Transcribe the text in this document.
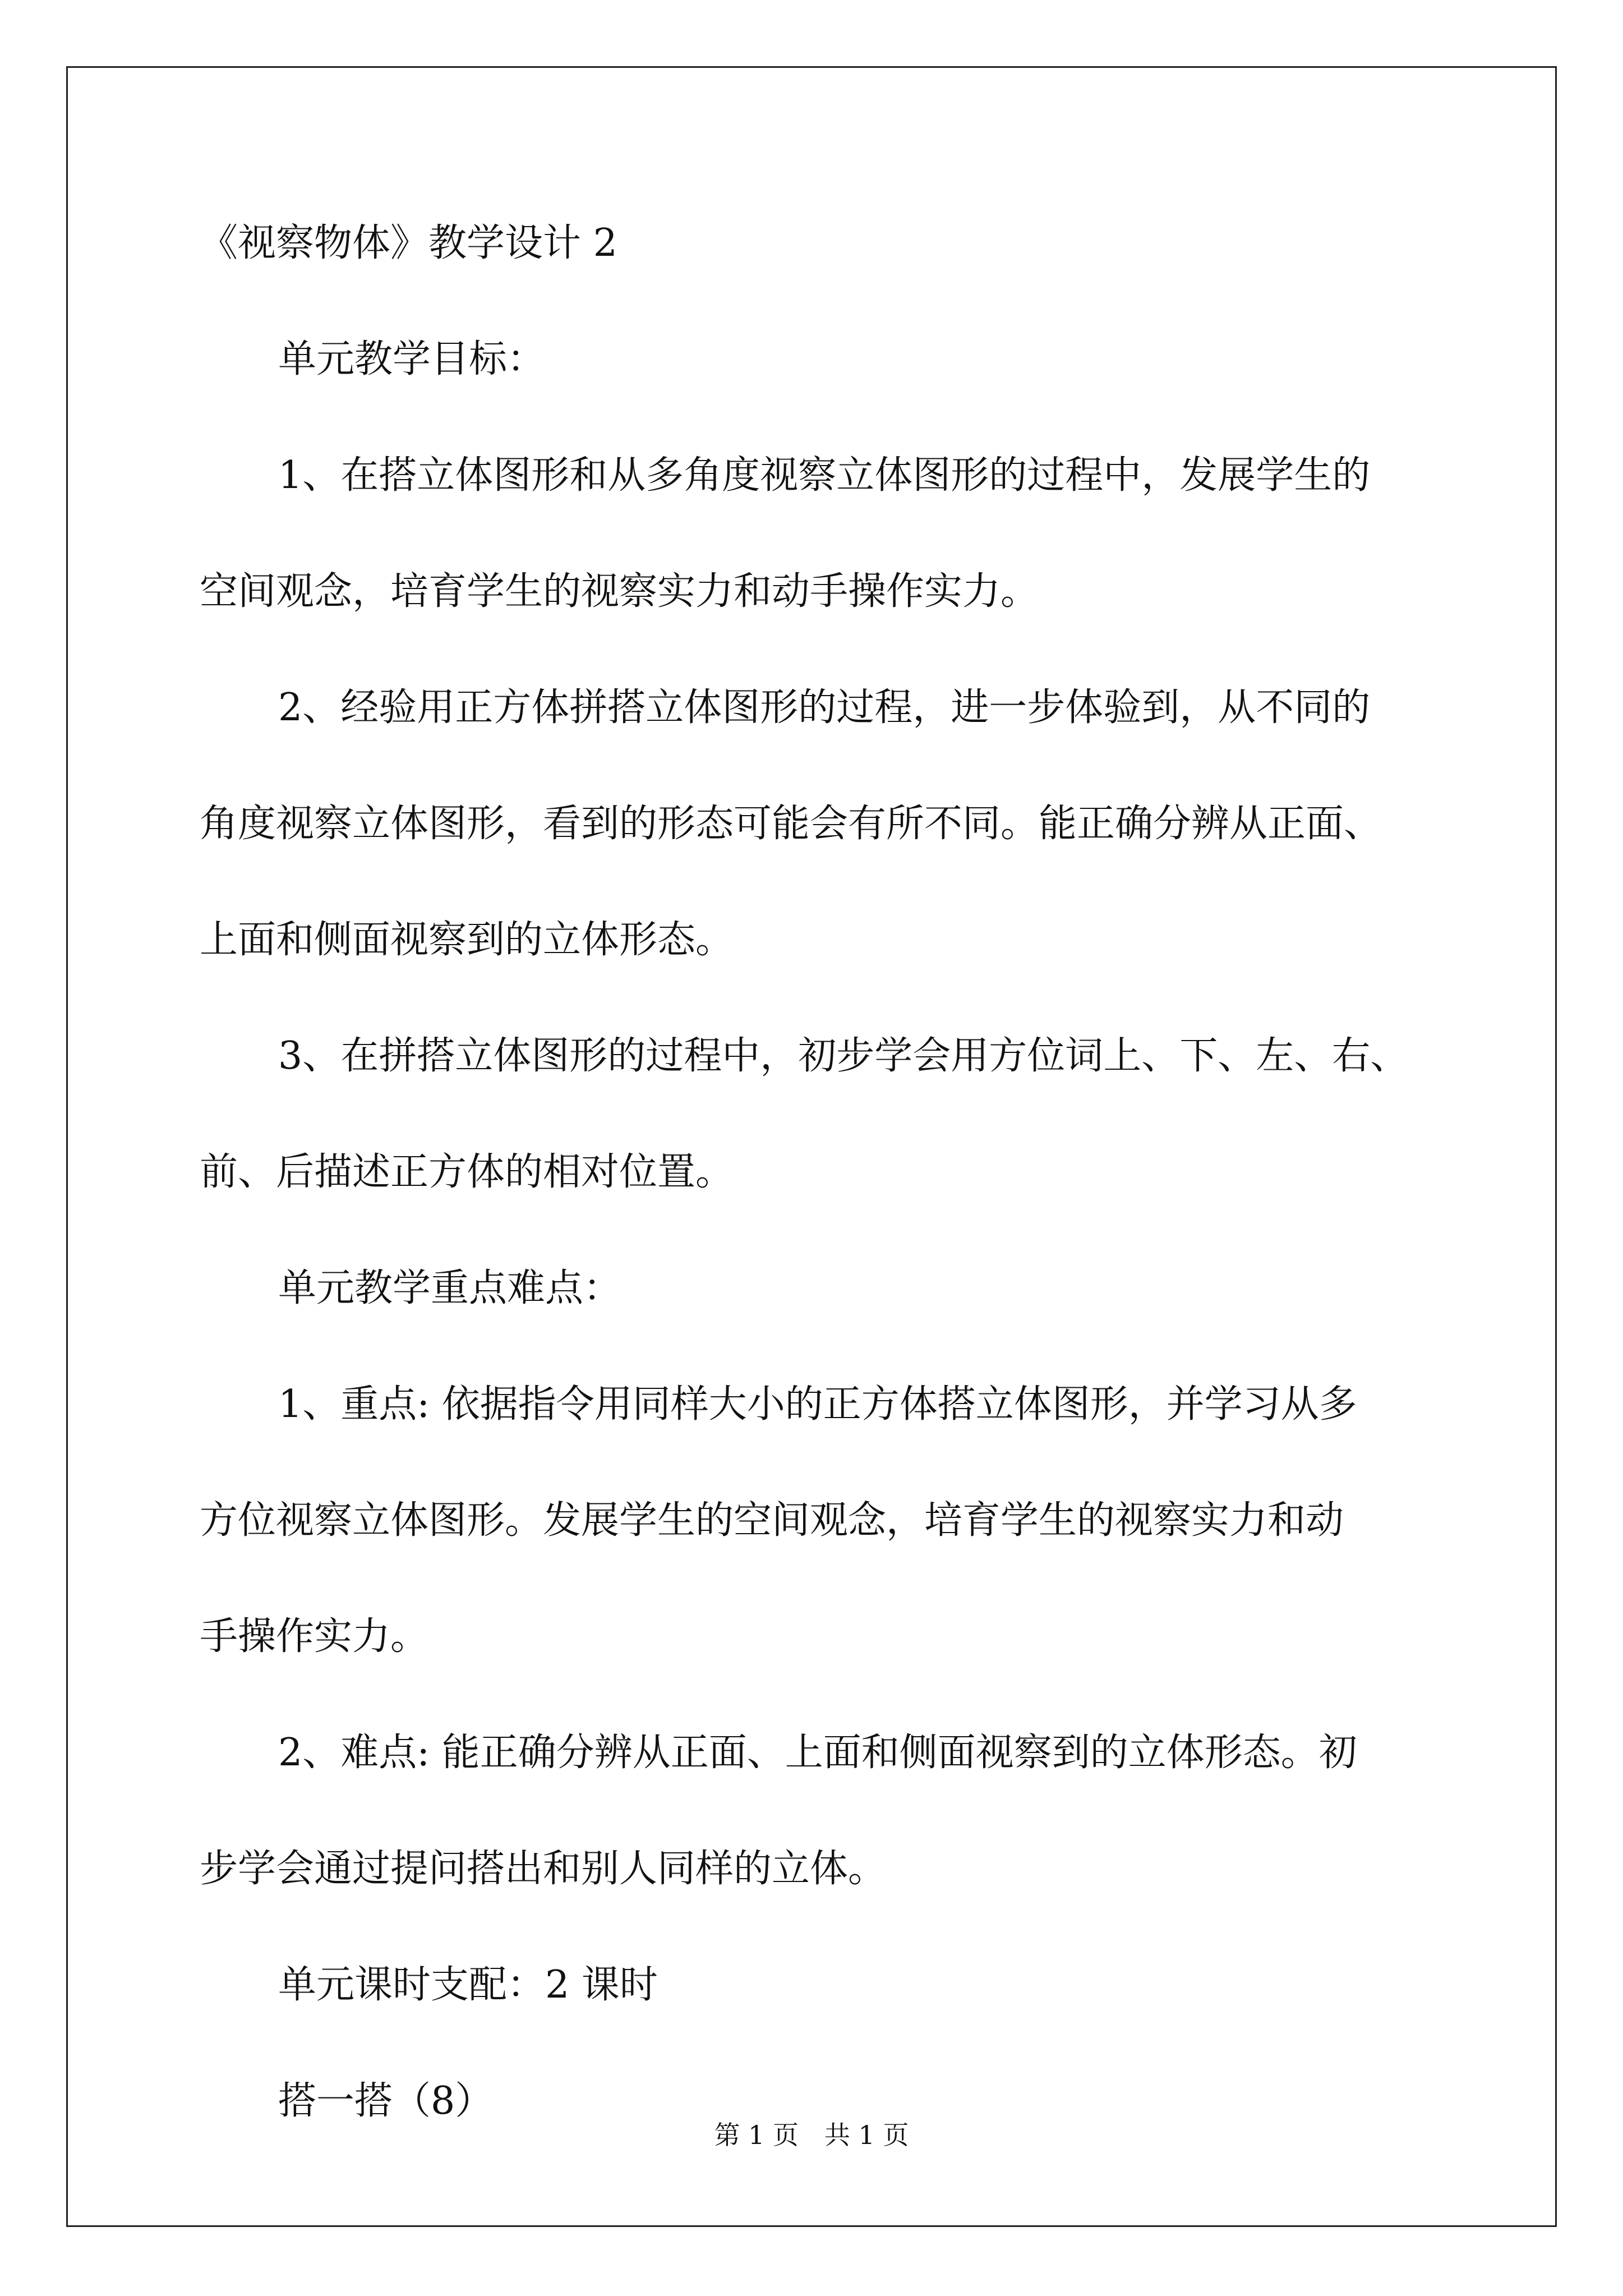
《视察物体》教学设计 2

单元教学目标：

1、在搭立体图形和从多角度视察立体图形的过程中，发展学生的

空间观念，培育学生的视察实力和动手操作实力。

2、经验用正方体拼搭立体图形的过程，进一步体验到，从不同的

角度视察立体图形，看到的形态可能会有所不同。能正确分辨从正面、

上面和侧面视察到的立体形态。

3、在拼搭立体图形的过程中，初步学会用方位词上、下、左、右、

前、后描述正方体的相对位置。

单元教学重点难点：

1、重点: 依据指令用同样大小的正方体搭立体图形，并学习从多

方位视察立体图形。发展学生的空间观念，培育学生的视察实力和动

手操作实力。

2、难点: 能正确分辨从正面、上面和侧面视察到的立体形态。初

步学会通过提问搭出和别人同样的立体。

单元课时支配：2 课时

搭一搭（8）

第 1 页　共 1 页
